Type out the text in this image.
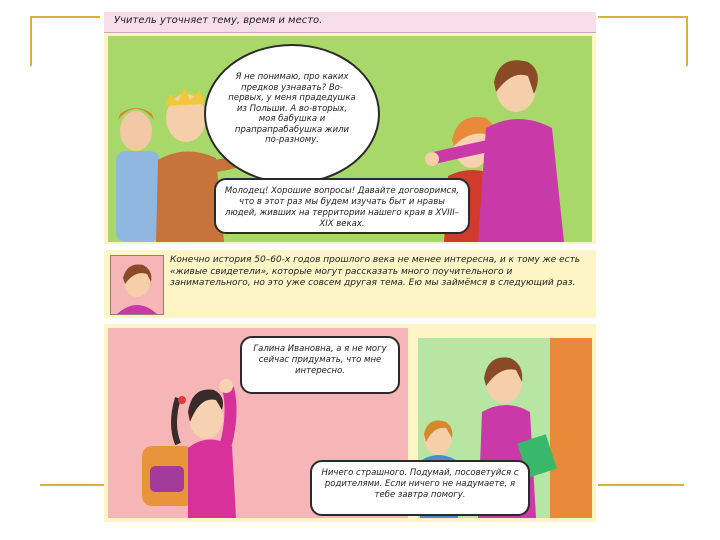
Учитель уточняет тему, время и место.
Я не понимаю, про каких предков узнавать? Во-первых, у меня прадедушка из Польши. А во-вторых, моя бабушка и прапрапрабабушка жили по-разному.
Молодец! Хорошие вопросы! Давайте договоримся, что в этот раз мы будем изучать быт и нравы людей, живших на территории нашего края в XVIII–XIX веках.
Конечно история 50–60-х годов прошлого века не менее интересна, и к тому же есть «живые свидетели», которые могут рассказать много поучительного и занимательного, но это уже совсем другая тема. Ею мы займёмся в следующий раз.
Галина Ивановна, а я не могу сейчас придумать, что мне интересно.
Ничего страшного. Подумай, посоветуйся с родителями. Если ничего не надумаете, я тебе завтра помогу.
